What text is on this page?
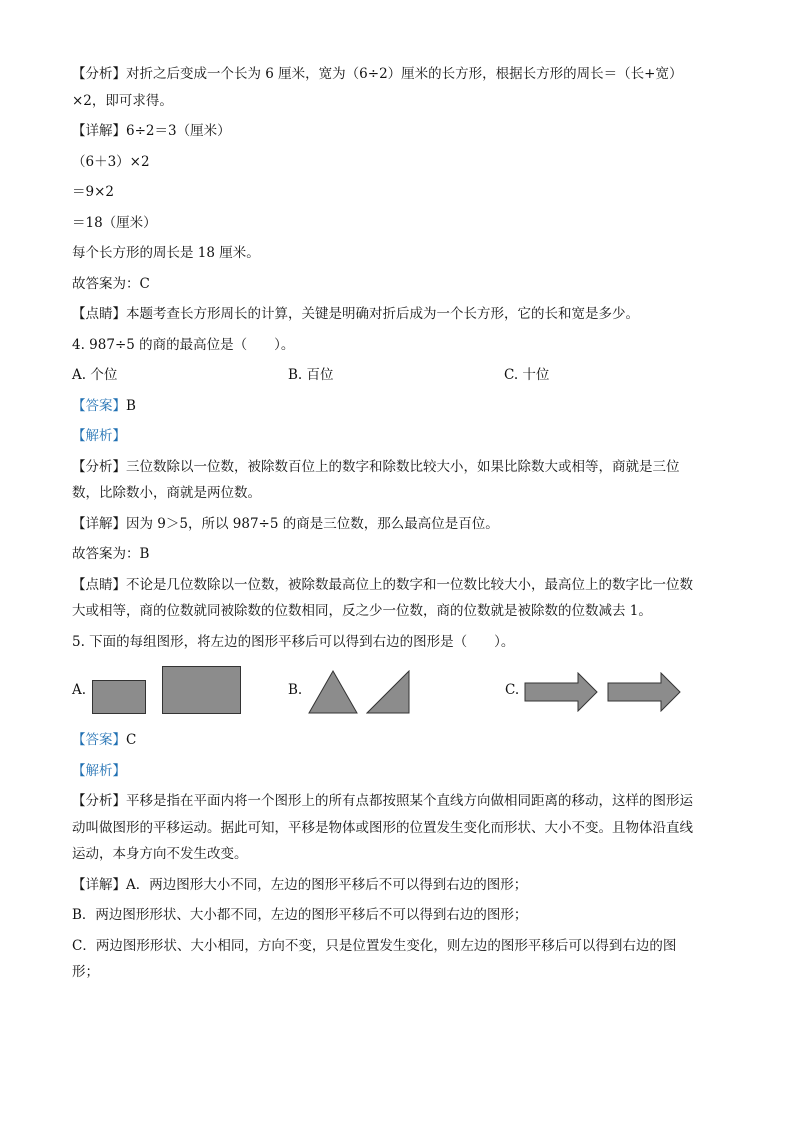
【分析】对折之后变成一个长为 6 厘米，宽为（6÷2）厘米的长方形，根据长方形的周长＝（长+宽）
×2，即可求得。
【详解】6÷2＝3（厘米）
（6＋3）×2
＝9×2
＝18（厘米）
每个长方形的周长是 18 厘米。
故答案为：C
【点睛】本题考查长方形周长的计算，关键是明确对折后成为一个长方形，它的长和宽是多少。
4. 987÷5 的商的最高位是（　　）。
A. 个位	B. 百位	C. 十位
【答案】B
【解析】
【分析】三位数除以一位数，被除数百位上的数字和除数比较大小，如果比除数大或相等，商就是三位
数，比除数小，商就是两位数。
【详解】因为 9＞5，所以 987÷5 的商是三位数，那么最高位是百位。
故答案为：B
【点睛】不论是几位数除以一位数，被除数最高位上的数字和一位数比较大小，最高位上的数字比一位数
大或相等，商的位数就同被除数的位数相同，反之少一位数，商的位数就是被除数的位数减去 1。
5. 下面的每组图形，将左边的图形平移后可以得到右边的图形是（　　）。
A.	B.	C.
【答案】C
【解析】
【分析】平移是指在平面内将一个图形上的所有点都按照某个直线方向做相同距离的移动，这样的图形运
动叫做图形的平移运动。据此可知，平移是物体或图形的位置发生变化而形状、大小不变。且物体沿直线
运动，本身方向不发生改变。
【详解】A．两边图形大小不同，左边的图形平移后不可以得到右边的图形；
B．两边图形形状、大小都不同，左边的图形平移后不可以得到右边的图形；
C．两边图形形状、大小相同，方向不变，只是位置发生变化，则左边的图形平移后可以得到右边的图
形；
